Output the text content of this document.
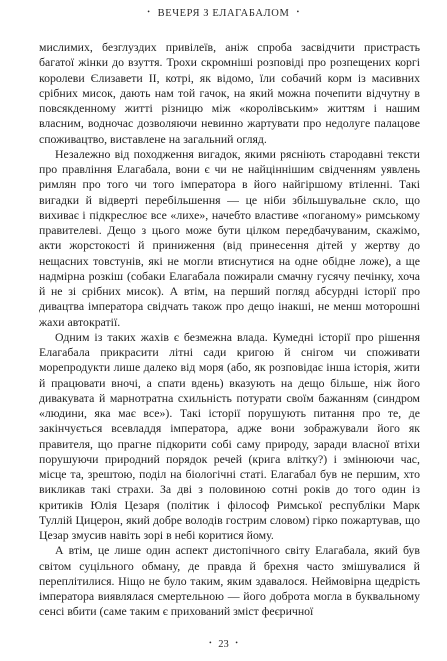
• ВЕЧЕРЯ З ЕЛАГАБАЛОМ •

мислимих, безглуздих привілеїв, аніж спроба засвідчити пристрасть багатої жінки до взуття. Трохи скромніші розповіді про розпещених коргі королеви Єлизавети II, котрі, як відомо, їли собачий корм із масивних срібних мисок, дають нам той гачок, на який можна почепити відчутну в повсякденному житті різницю між «королівським» життям і нашим власним, водночас дозволяючи невинно жартувати про недолуге палацове споживацтво, виставлене на загальний огляд.

Незалежно від походження вигадок, якими рясніють стародавні тексти про правління Елагабала, вони є чи не найціннішим свідченням уявлень римлян про того чи того імператора в його найгіршому втіленні. Такі вигадки й відверті перебільшення — це ніби збільшувальне скло, що вихиває і підкреслює все «лихе», начебто властиве «поганому» римському правителеві. Дещо з цього може бути цілком передбачуваним, скажімо, акти жорстокості й приниження (від принесення дітей у жертву до нещасних товстунів, які не могли втиснутися на одне обідне ложе), а ще надмірна розкіш (собаки Елагабала пожирали смачну гусячу печінку, хоча й не зі срібних мисок). А втім, на перший погляд абсурдні історії про дивацтва імператора свідчать також про дещо інакші, не менш моторошні жахи автократії.

Одним із таких жахів є безмежна влада. Кумедні історії про рішення Елагабала прикрасити літні сади кригою й снігом чи споживати морепродукти лише далеко від моря (або, як розповідає інша історія, жити й працювати вночі, а спати вдень) вказують на дещо більше, ніж його дивакувата й марнотратна схильність потурати своїм бажанням (синдром «людини, яка має все»). Такі історії порушують питання про те, де закінчується всевладдя імператора, адже вони зображували його як правителя, що прагне підкорити собі саму природу, заради власної втіхи порушуючи природний порядок речей (крига влітку?) і змінюючи час, місце та, зрештою, поділ на біологічні статі. Елагабал був не першим, хто викликав такі страхи. За дві з половиною сотні років до того один із критиків Юлія Цезаря (політик і філософ Римської республіки Марк Туллій Цицерон, який добре володів гострим словом) гірко пожартував, що Цезар змусив навіть зорі в небі коритися йому.

А втім, це лише один аспект дистопічного світу Елагабала, який був світом суцільного обману, де правда й брехня часто змішувалися й переплітилися. Ніщо не було таким, яким здавалося. Неймовірна щедрість імператора виявлялася смертельною — його доброта могла в буквальному сенсі вбити (саме таким є прихований зміст феєричної

• 23 •
